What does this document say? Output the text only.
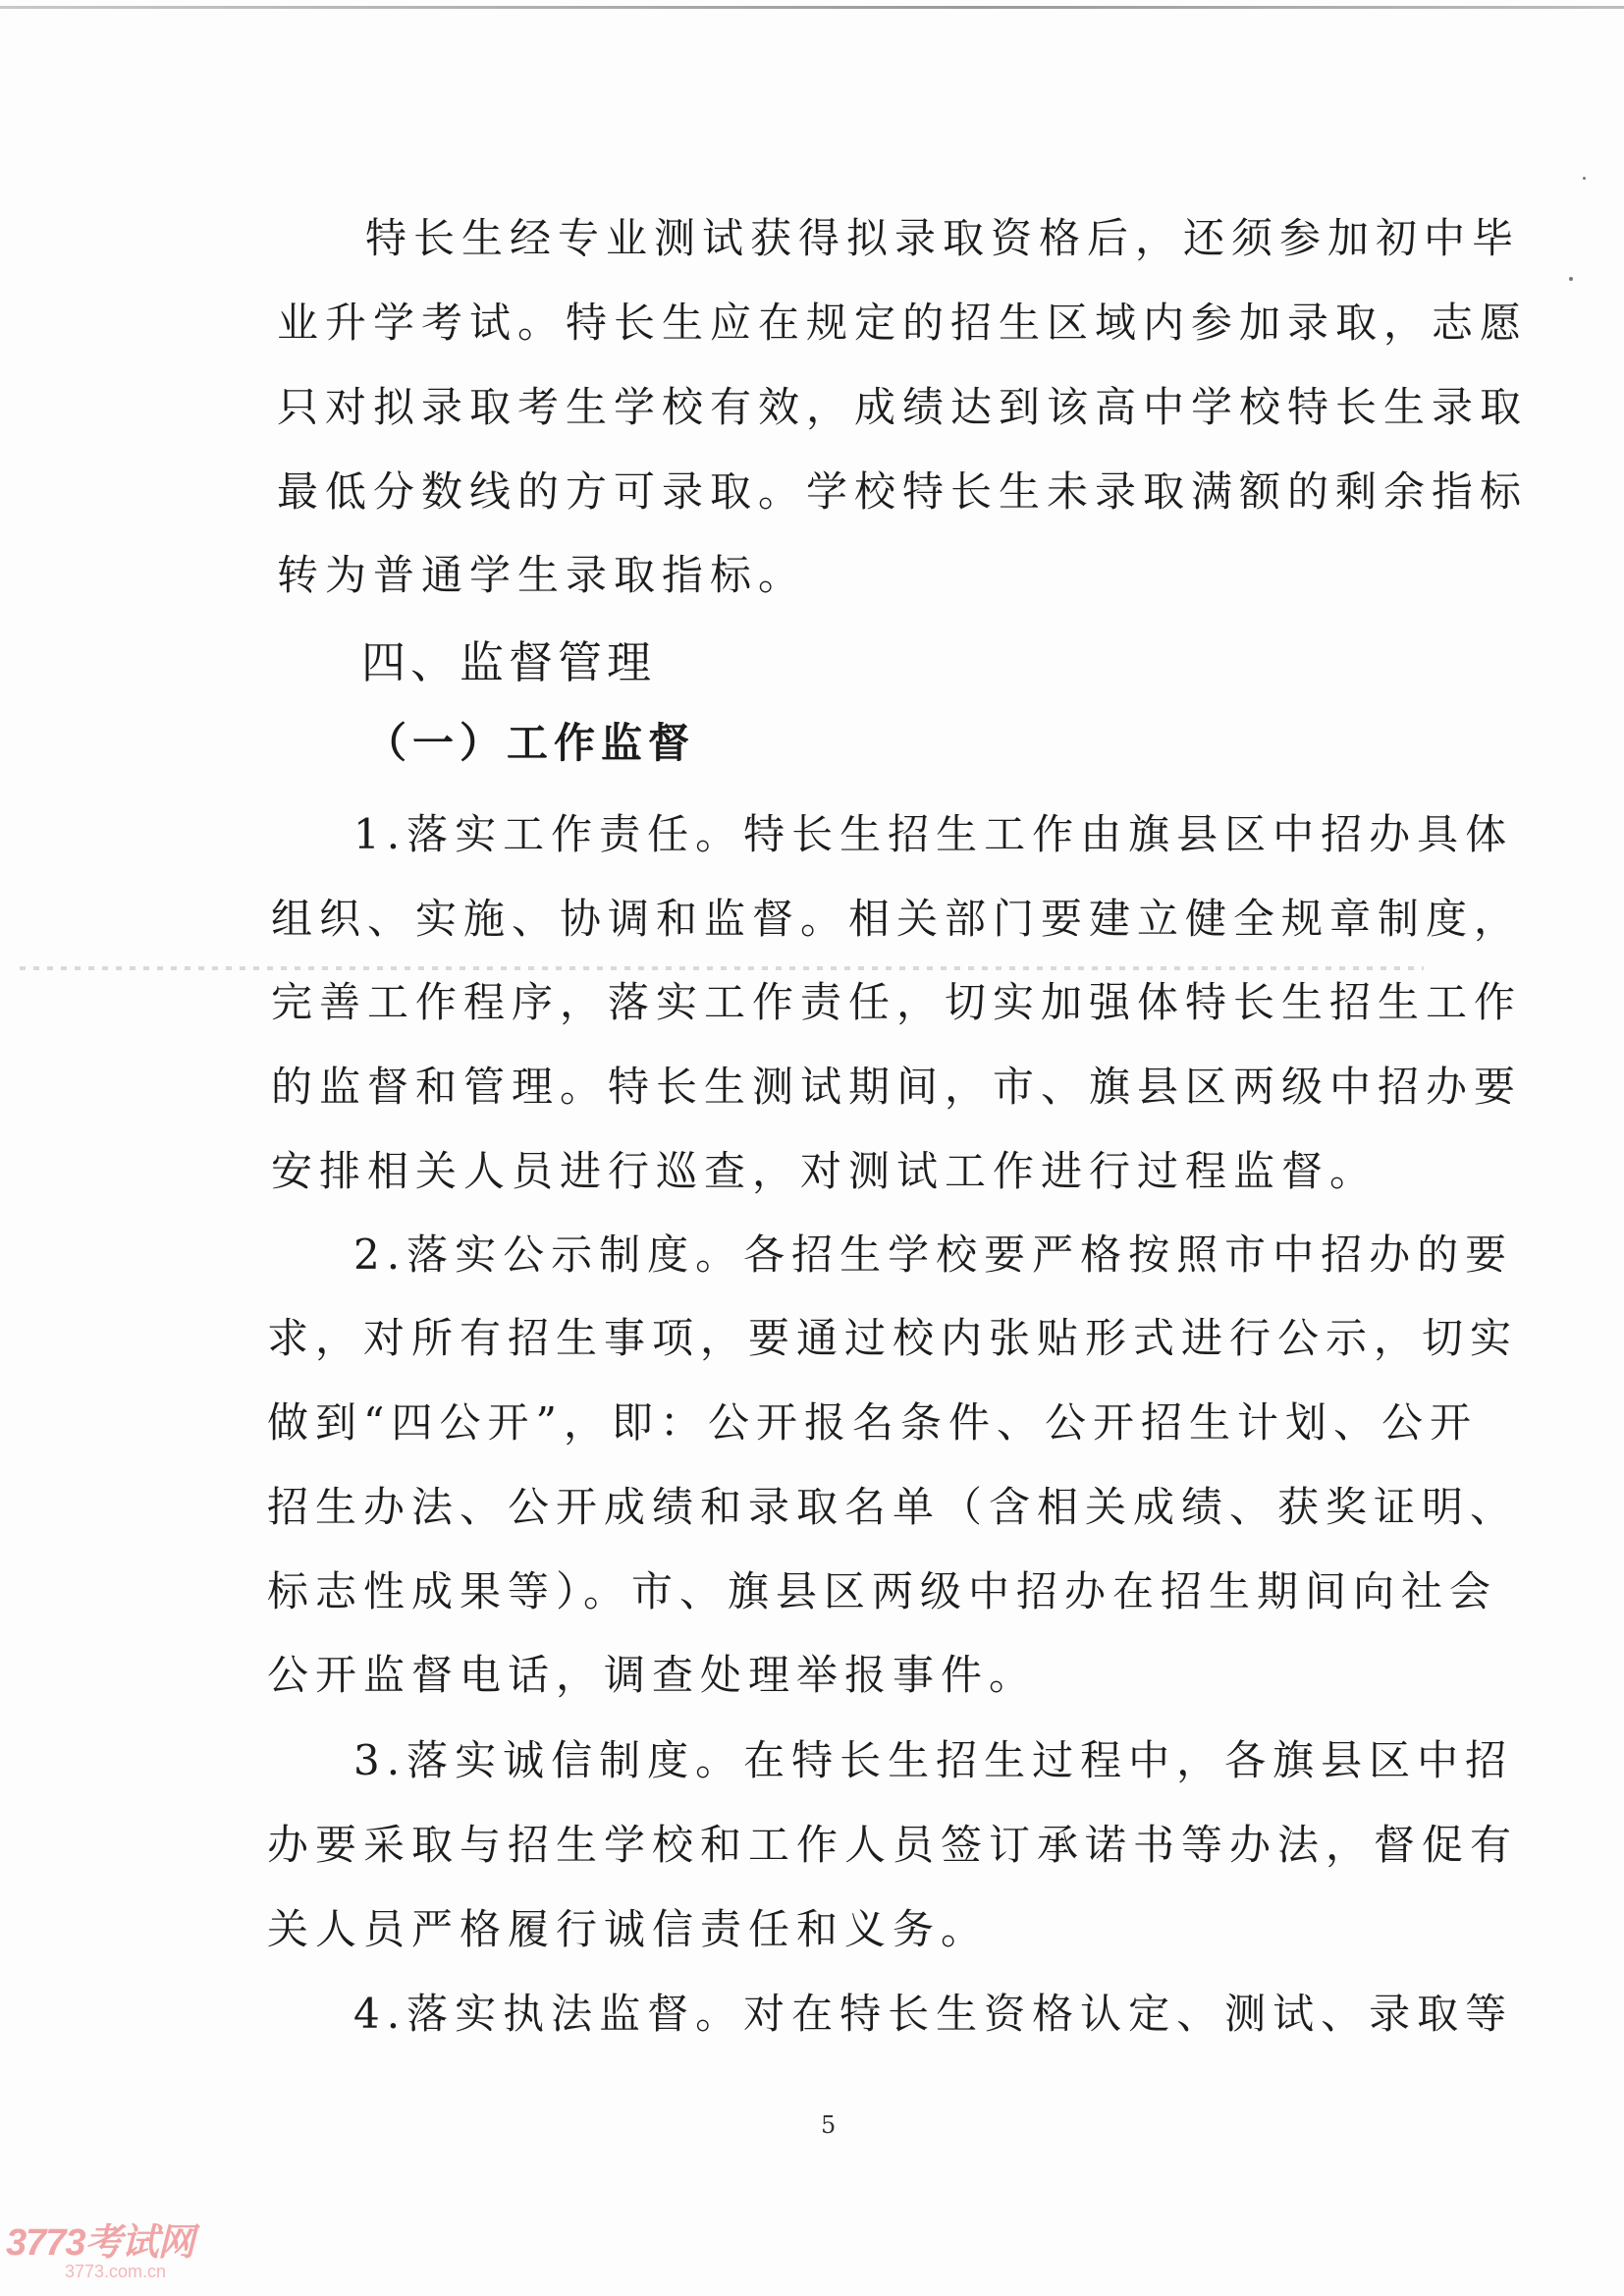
特长生经专业测试获得拟录取资格后，还须参加初中毕
业升学考试。特长生应在规定的招生区域内参加录取，志愿
只对拟录取考生学校有效，成绩达到该高中学校特长生录取
最低分数线的方可录取。学校特长生未录取满额的剩余指标
转为普通学生录取指标。
四、监督管理
（一）工作监督
1.落实工作责任。特长生招生工作由旗县区中招办具体
组织、实施、协调和监督。相关部门要建立健全规章制度，
完善工作程序，落实工作责任，切实加强体特长生招生工作
的监督和管理。特长生测试期间，市、旗县区两级中招办要
安排相关人员进行巡查，对测试工作进行过程监督。
2.落实公示制度。各招生学校要严格按照市中招办的要
求，对所有招生事项，要通过校内张贴形式进行公示，切实
做到“四公开”，即：公开报名条件、公开招生计划、公开
招生办法、公开成绩和录取名单（含相关成绩、获奖证明、
标志性成果等）。市、旗县区两级中招办在招生期间向社会
公开监督电话，调查处理举报事件。
3.落实诚信制度。在特长生招生过程中，各旗县区中招
办要采取与招生学校和工作人员签订承诺书等办法，督促有
关人员严格履行诚信责任和义务。
4.落实执法监督。对在特长生资格认定、测试、录取等
5
3773考试网
3773.com.cn
